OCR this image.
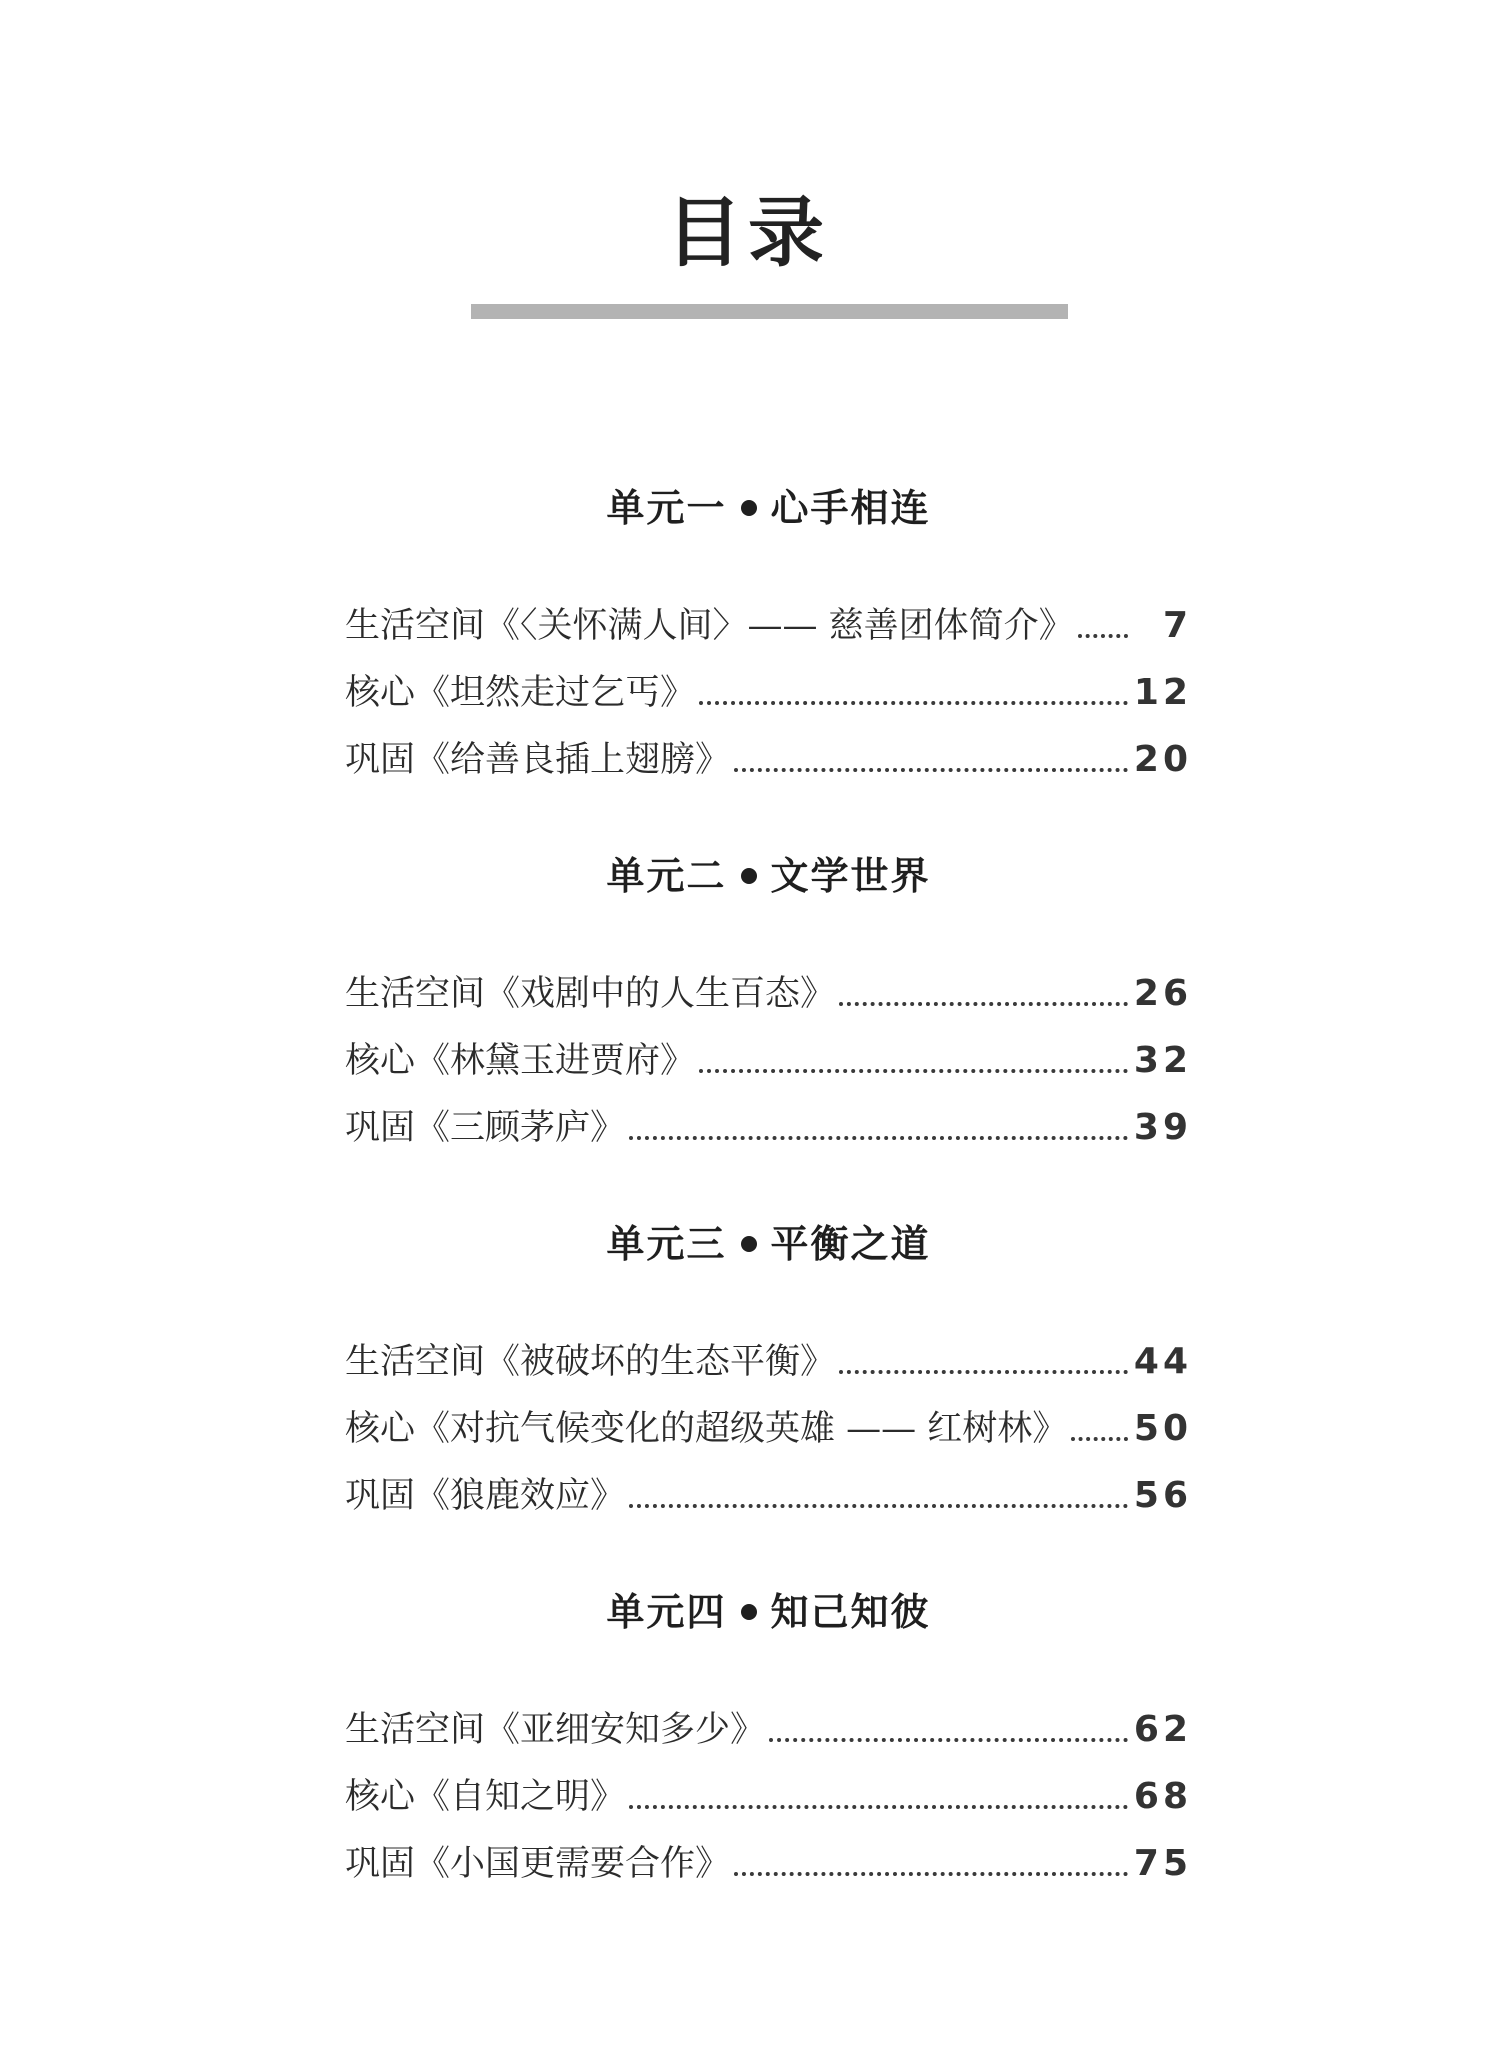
目录
单元一 心手相连
生活空间《〈关怀满人间〉—— 慈善团体简介》	7
核心《坦然走过乞丐》	12
巩固《给善良插上翅膀》	20
单元二 文学世界
生活空间《戏剧中的人生百态》	26
核心《林黛玉进贾府》	32
巩固《三顾茅庐》	39
单元三 平衡之道
生活空间《被破坏的生态平衡》	44
核心《对抗气候变化的超级英雄 —— 红树林》 50
巩固《狼鹿效应》	56
单元四 知己知彼
生活空间《亚细安知多少》	62
核心《自知之明》	68
巩固《小国更需要合作》	75
